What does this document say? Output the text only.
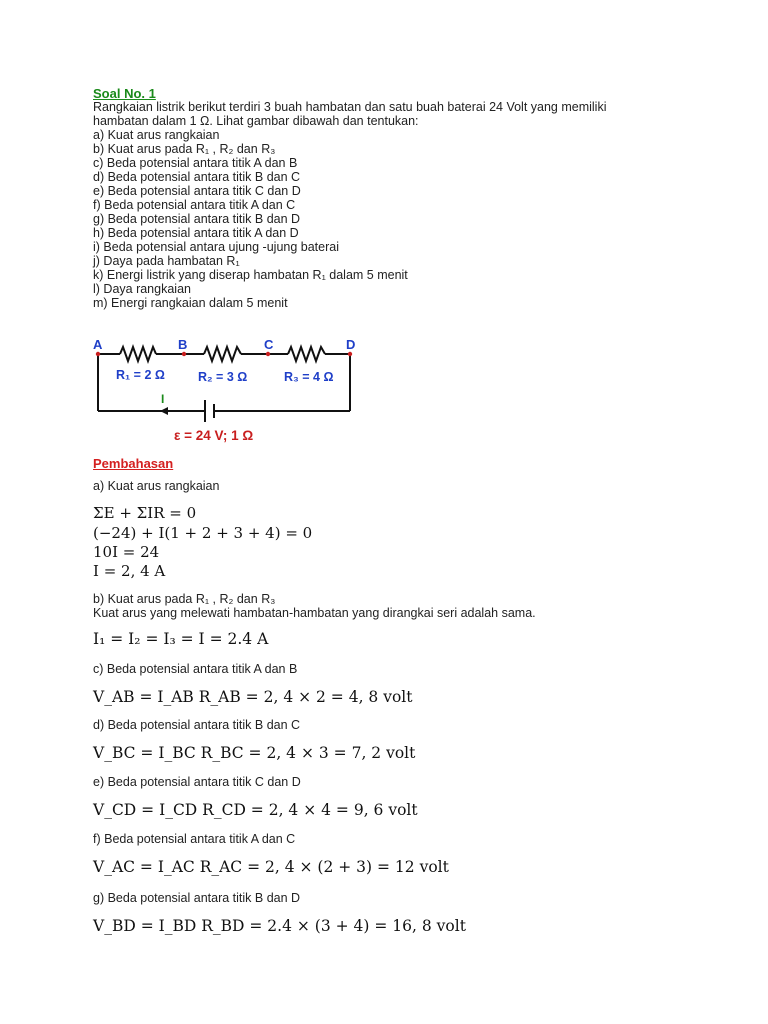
Soal No. 1
Rangkaian listrik berikut terdiri 3 buah hambatan dan satu buah baterai 24 Volt yang memiliki
hambatan dalam 1 Ω. Lihat gambar dibawah dan tentukan:
a) Kuat arus rangkaian
b) Kuat arus pada R₁ , R₂ dan R₃
c) Beda potensial antara titik A dan B
d) Beda potensial antara titik B dan C
e) Beda potensial antara titik C dan D
f) Beda potensial antara titik A dan C
g) Beda potensial antara titik B dan D
h) Beda potensial antara titik A dan D
i) Beda potensial antara ujung -ujung baterai
j) Daya pada hambatan R₁
k) Energi listrik yang diserap hambatan R₁ dalam 5 menit
l) Daya rangkaian
m) Energi rangkaian dalam 5 menit
A	B	C	D
R₁ = 2 Ω	R₂ = 3 Ω	R₃ = 4 Ω
I
ε = 24 V; 1 Ω
Pembahasan
a) Kuat arus rangkaian
ΣE + ΣIR = 0
(−24) + I(1 + 2 + 3 + 4) = 0
10I = 24
I = 2, 4 A
b) Kuat arus pada R₁ , R₂ dan R₃
Kuat arus yang melewati hambatan-hambatan yang dirangkai seri adalah sama.
I₁ = I₂ = I₃ = I = 2.4 A
c) Beda potensial antara titik A dan B
V_AB = I_AB R_AB = 2, 4 × 2 = 4, 8 volt
d) Beda potensial antara titik B dan C
V_BC = I_BC R_BC = 2, 4 × 3 = 7, 2 volt
e) Beda potensial antara titik C dan D
V_CD = I_CD R_CD = 2, 4 × 4 = 9, 6 volt
f) Beda potensial antara titik A dan C
V_AC = I_AC R_AC = 2, 4 × (2 + 3) = 12 volt
g) Beda potensial antara titik B dan D
V_BD = I_BD R_BD = 2.4 × (3 + 4) = 16, 8 volt
